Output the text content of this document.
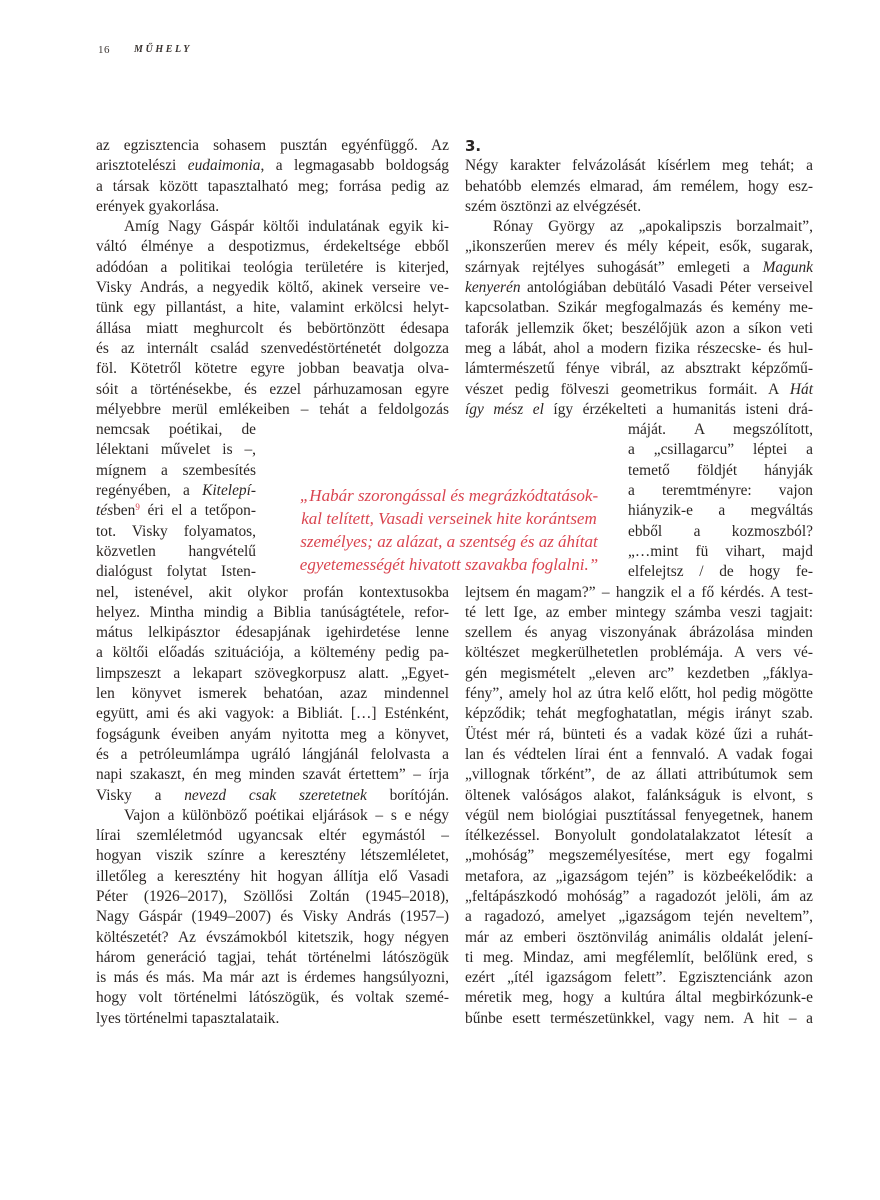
16 MŰHELY
az egzisztencia sohasem pusztán egyénfüggő. Az
arisztotelészi eudaimonia, a legmagasabb boldogság
a társak között tapasztalható meg; forrása pedig az
erények gyakorlása.
Amíg Nagy Gáspár költői indulatának egyik ki-
váltó élménye a despotizmus, érdekeltsége ebből
adódóan a politikai teológia területére is kiterjed,
Visky András, a negyedik költő, akinek verseire ve-
tünk egy pillantást, a hite, valamint erkölcsi helyt-
állása miatt meghurcolt és bebörtönzött édesapa
és az internált család szenvedéstörténetét dolgozza
föl. Kötetről kötetre egyre jobban beavatja olva-
sóit a történésekbe, és ezzel párhuzamosan egyre
mélyebbre merül emlékeiben – tehát a feldolgozás
nemcsak poétikai, de
lélektani művelet is –,
mígnem a szembesítés
regényében, a Kitelepí-
tésben$^9$ éri el a tetőpon-
tot. Visky folyamatos,
közvetlen hangvételű
dialógust folytat Isten-
nel, istenével, akit olykor profán kontextusokba
helyez. Mintha mindig a Biblia tanúságtétele, refor-
mátus lelkipásztor édesapjának igehirdetése lenne
a költői előadás szituációja, a költemény pedig pa-
limpszeszt a lekapart szövegkorpusz alatt. „Egyet-
len könyvet ismerek behatóan, azaz mindennel
együtt, ami és aki vagyok: a Bibliát. […] Esténként,
fogságunk éveiben anyám nyitotta meg a könyvet,
és a petróleumlámpa ugráló lángjánál felolvasta a
napi szakaszt, én meg minden szavát értettem” – írja
Visky a nevezd csak szeretetnek borítóján.
Vajon a különböző poétikai eljárások – s e négy
lírai szemléletmód ugyancsak eltér egymástól –
hogyan viszik színre a keresztény létszemléletet,
illetőleg a keresztény hit hogyan állítja elő Vasadi
Péter (1926–2017), Szöllősi Zoltán (1945–2018),
Nagy Gáspár (1949–2007) és Visky András (1957–)
költészetét? Az évszámokból kitetszik, hogy négyen
három generáció tagjai, tehát történelmi látószögük
is más és más. Ma már azt is érdemes hangsúlyozni,
hogy volt történelmi látószögük, és voltak szemé-
lyes történelmi tapasztalataik.
3.
Négy karakter felvázolását kísérlem meg tehát; a
behatóbb elemzés elmarad, ám remélem, hogy esz-
szém ösztönzi az elvégzését.
Rónay György az „apokalipszis borzalmait”,
„ikonszerűen merev és mély képeit, esők, sugarak,
szárnyak rejtélyes suhogását” emlegeti a Magunk
kenyerén antológiában debütáló Vasadi Péter verseivel
kapcsolatban. Szikár megfogalmazás és kemény me-
taforák jellemzik őket; beszélőjük azon a síkon veti
meg a lábát, ahol a modern fizika részecske- és hul-
lámtermészetű fénye vibrál, az absztrakt képzőmű-
vészet pedig fölveszi geometrikus formáit. A Hát
így mész el így érzékelteti a humanitás isteni drá-
máját. A megszólított,
a „csillagarcu” léptei a
temető földjét hányják
a teremtményre: vajon
hiányzik-e a megváltás
ebből a kozmoszból?
„…mint fü vihart, majd
elfelejtsz / de hogy fe-
lejtsem én magam?” – hangzik el a fő kérdés. A test-
té lett Ige, az ember mintegy számba veszi tagjait:
szellem és anyag viszonyának ábrázolása minden
költészet megkerülhetetlen problémája. A vers vé-
gén megismételt „eleven arc” kezdetben „fáklya-
fény”, amely hol az útra kelő előtt, hol pedig mögötte
képződik; tehát megfoghatatlan, mégis irányt szab.
Ütést mér rá, bünteti és a vadak közé űzi a ruhát-
lan és védtelen lírai ént a fennvaló. A vadak fogai
„villognak tőrként”, de az állati attribútumok sem
öltenek valóságos alakot, falánkságuk is elvont, s
végül nem biológiai pusztítással fenyegetnek, hanem
ítélkezéssel. Bonyolult gondolatalakzatot létesít a
„mohóság” megszemélyesítése, mert egy fogalmi
metafora, az „igazságom tején” is közbeékelődik: a
„feltápászkodó mohóság” a ragadozót jelöli, ám az
a ragadozó, amelyet „igazságom tején neveltem”,
már az emberi ösztönvilág animális oldalát jelení-
ti meg. Mindaz, ami megfélemlít, belőlünk ered, s
ezért „ítél igazságom felett”. Egzisztenciánk azon
méretik meg, hogy a kultúra által megbirkózunk-e
bűnbe esett természetünkkel, vagy nem. A hit – a
„Habár szorongással és megrázkódtatások-
kal telített, Vasadi verseinek hite korántsem
személyes; az alázat, a szentség és az áhítat
egyetemességét hivatott szavakba foglalni.”
